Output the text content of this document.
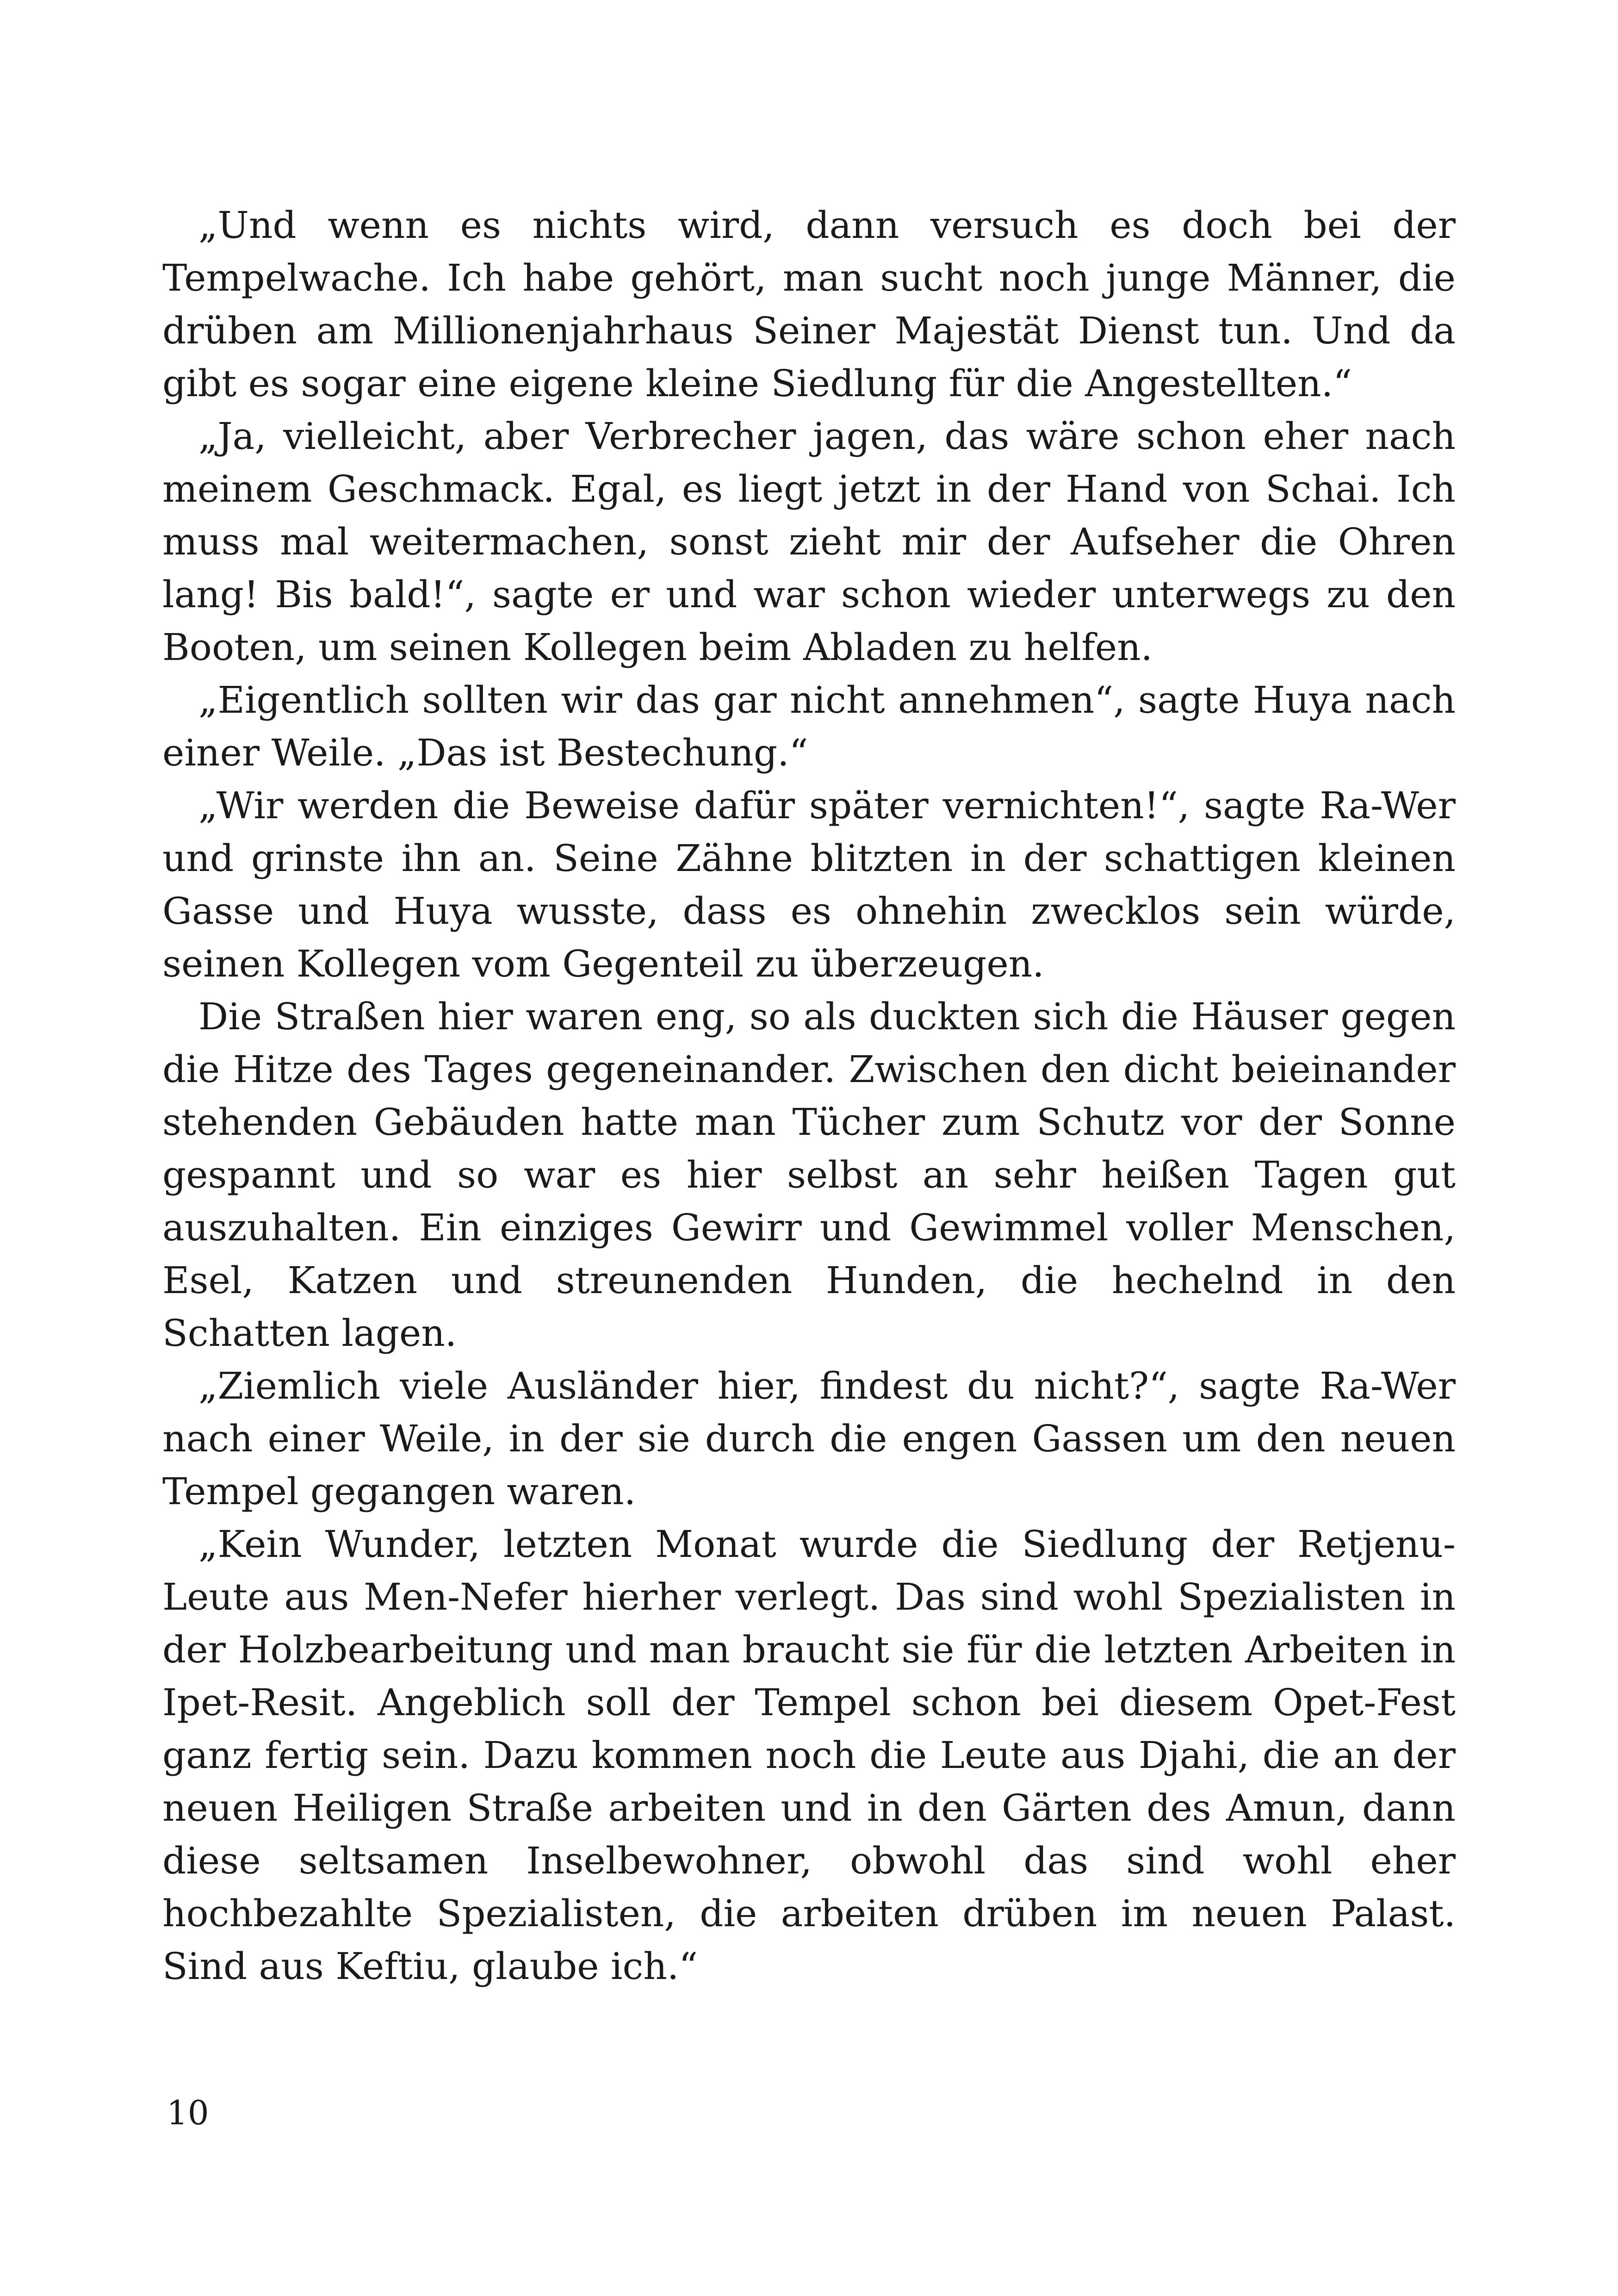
„Und wenn es nichts wird, dann versuch es doch bei der Tempelwache. Ich habe gehört, man sucht noch junge Männer, die drüben am Millionenjahrhaus Seiner Majestät Dienst tun. Und da gibt es sogar eine eigene kleine Siedlung für die Angestellten.“

„Ja, vielleicht, aber Verbrecher jagen, das wäre schon eher nach meinem Geschmack. Egal, es liegt jetzt in der Hand von Schai. Ich muss mal weitermachen, sonst zieht mir der Aufseher die Ohren lang! Bis bald!“, sagte er und war schon wieder unterwegs zu den Booten, um seinen Kollegen beim Abladen zu helfen.

„Eigentlich sollten wir das gar nicht annehmen“, sagte Huya nach einer Weile. „Das ist Bestechung.“

„Wir werden die Beweise dafür später vernichten!“, sagte Ra-Wer und grinste ihn an. Seine Zähne blitzten in der schattigen kleinen Gasse und Huya wusste, dass es ohnehin zwecklos sein würde, seinen Kollegen vom Gegenteil zu überzeugen.

Die Straßen hier waren eng, so als duckten sich die Häuser gegen die Hitze des Tages gegeneinander. Zwischen den dicht beieinander stehenden Gebäuden hatte man Tücher zum Schutz vor der Sonne gespannt und so war es hier selbst an sehr heißen Tagen gut auszuhalten. Ein einziges Gewirr und Gewimmel voller Menschen, Esel, Katzen und streunenden Hunden, die hechelnd in den Schatten lagen.

„Ziemlich viele Ausländer hier, findest du nicht?“, sagte Ra-Wer nach einer Weile, in der sie durch die engen Gassen um den neuen Tempel gegangen waren.

„Kein Wunder, letzten Monat wurde die Siedlung der Retjenu-Leute aus Men-Nefer hierher verlegt. Das sind wohl Spezialisten in der Holzbearbeitung und man braucht sie für die letzten Arbeiten in Ipet-Resit. Angeblich soll der Tempel schon bei diesem Opet-Fest ganz fertig sein. Dazu kommen noch die Leute aus Djahi, die an der neuen Heiligen Straße arbeiten und in den Gärten des Amun, dann diese seltsamen Inselbewohner, obwohl das sind wohl eher hochbezahlte Spezialisten, die arbeiten drüben im neuen Palast. Sind aus Keftiu, glaube ich.“

10
